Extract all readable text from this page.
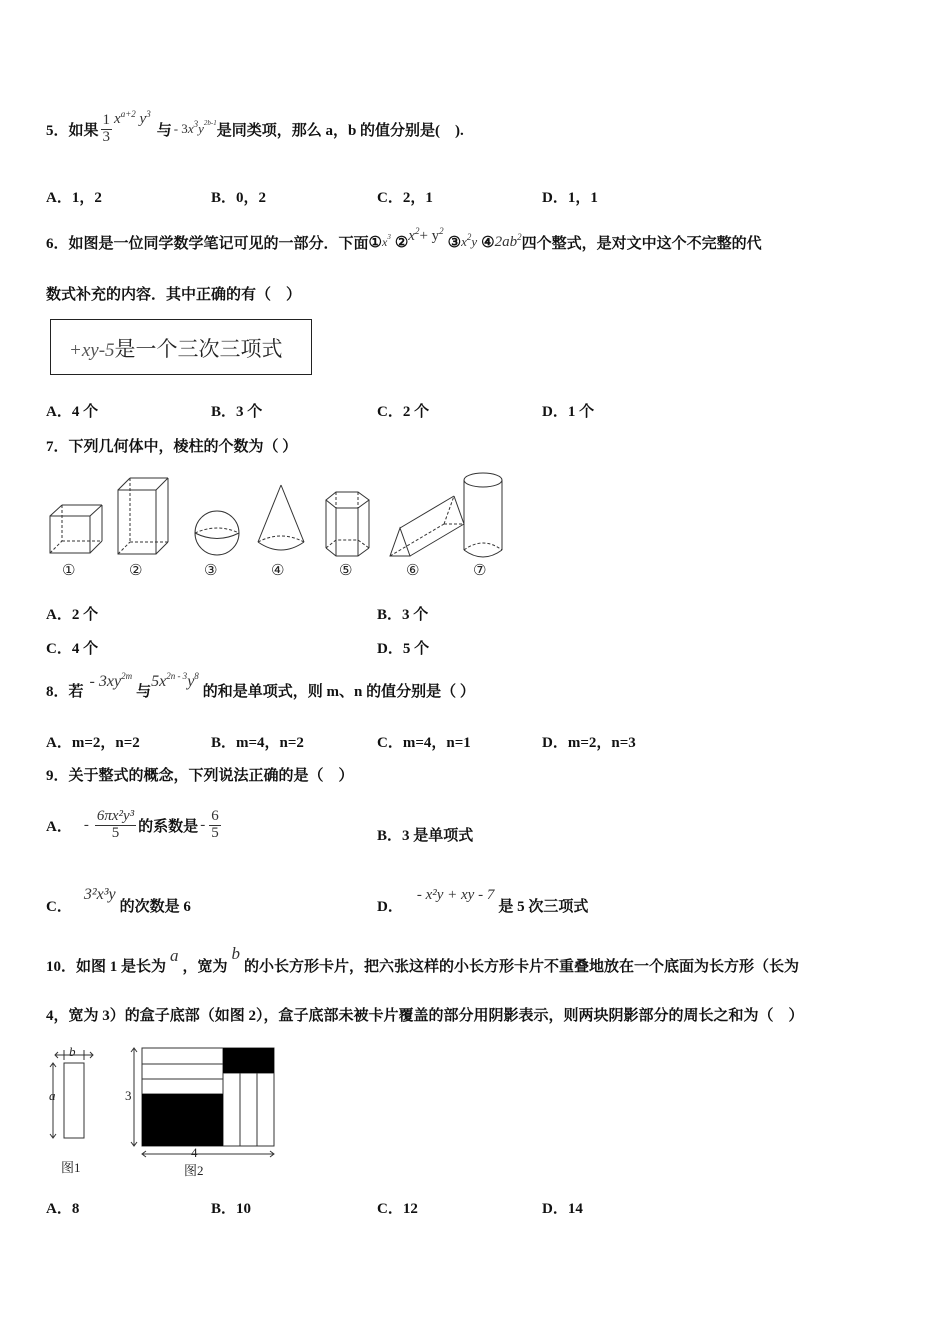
5． 如果 $\frac{1}{3} x^{a+2}$ $y^3$
与 - $3x^3y^{2b-1}$ 是同类项，那么 a，b 的值分别是(　).
A．1，2	B．0，2	C．2，1	D．1，1
6． 如图是一位同学数学笔记可见的一部分．下面 ① $x^3$ ② $x^2+ y^2$
③ $x^2y$ ④ $2ab^2$ 四个整式，是对文中这个不完整的代
数式补充的内容．其中正确的有（　）
+xy-5是一个三次三项式
A．4 个	B．3 个	C．2 个	D．1 个
7．下列几何体中，棱柱的个数为（ ）
①	②	③	④	⑤	⑥	⑦
A．2 个	B．3 个
C．4 个	D．5 个
8． 若
- $3xy^{2m}$
与
$5x^{2n - 3}y^8$
的和是单项式，则 m、n 的值分别是（ ）
A．m=2，n=2	B．m=4，n=2	C．m=4，n=1	D．m=2，n=3
9．关于整式的概念，下列说法正确的是（　）
A． - $\frac{\text{6πx²y³}}{5}$ 的系数是 - $\frac{6}{5}$	B．3 是单项式
C．
3²x³y
的次数是 6	D．
- x²y + xy - 7
是 5 次三项式
10． 如图 1 是长为
a
，宽为
b
的小长方形卡片，把六张这样的小长方形卡片不重叠地放在一个底面为长方形（长为
4，宽为 3）的盒子底部（如图 2），盒子底部未被卡片覆盖的部分用阴影表示，则两块阴影部分的周长之和为（　）
b
a
图1
3
4
图2
A．8	B．10	C．12	D．14
